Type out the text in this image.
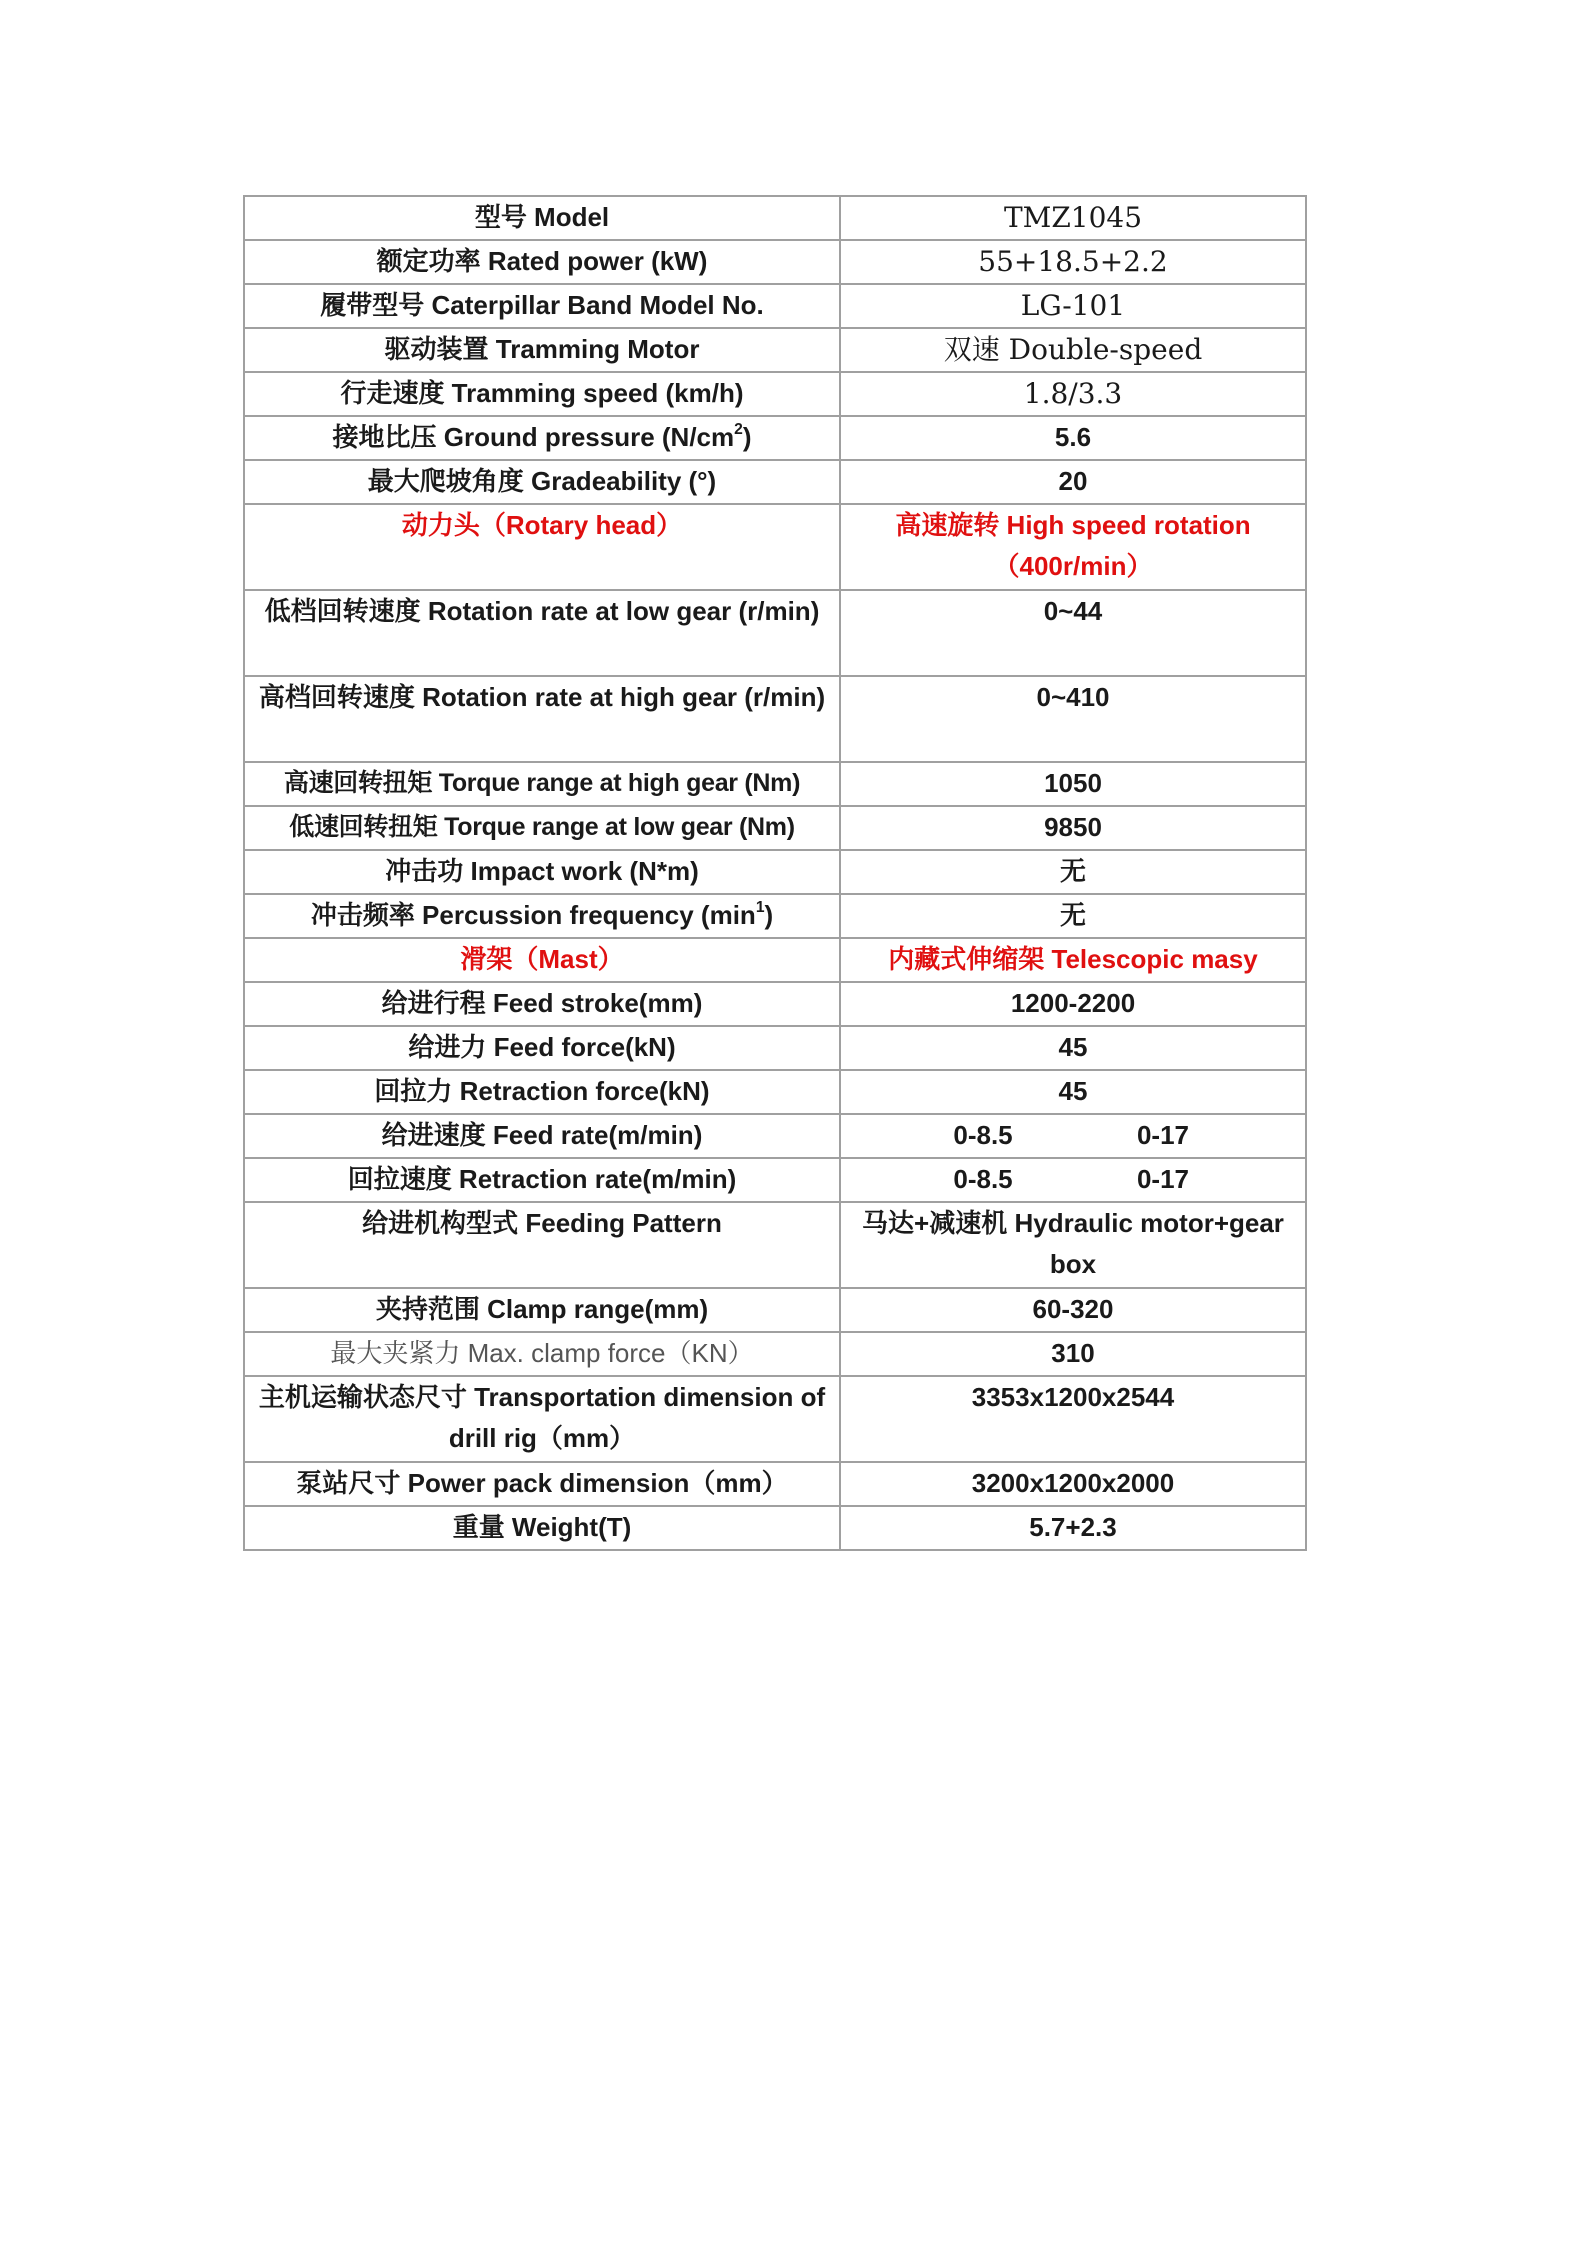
型号 Model	TMZ1045
额定功率 Rated power (kW)	55+18.5+2.2
履带型号 Caterpillar Band Model No.	LG-101
驱动装置 Tramming Motor	双速 Double-speed
行走速度 Tramming speed (km/h)	1.8/3.3
接地比压 Ground pressure $(N/cm^2)$	5.6
最大爬坡角度 Gradeability (°)	20
动力头（Rotary head）	高速旋转 High speed rotation（400r/min）
低档回转速度 Rotation rate at low gear (r/min)	0~44
高档回转速度 Rotation rate at high gear (r/min)	0~410
高速回转扭矩 Torque range at high gear (Nm)	1050
低速回转扭矩 Torque range at low gear (Nm)	9850
冲击功 Impact work (N*m)	无
冲击频率 Percussion frequency $(\min^1)$	无
滑架（Mast）	内藏式伸缩架 Telescopic masy
给进行程 Feed stroke(mm)	1200-2200
给进力 Feed force(kN)	45
回拉力 Retraction force(kN)	45
给进速度 Feed rate(m/min)	0-8.5 0-17
回拉速度 Retraction rate(m/min)	0-8.5 0-17
给进机构型式 Feeding Pattern	马达+减速机 Hydraulic motor+gear box
夹持范围 Clamp range(mm)	60-320
最大夹紧力 Max. clamp force（KN）	310
主机运输状态尺寸 Transportation dimension of drill rig（mm）	3353x1200x2544
泵站尺寸 Power pack dimension（mm）	3200x1200x2000
重量 Weight(T)	5.7+2.3
